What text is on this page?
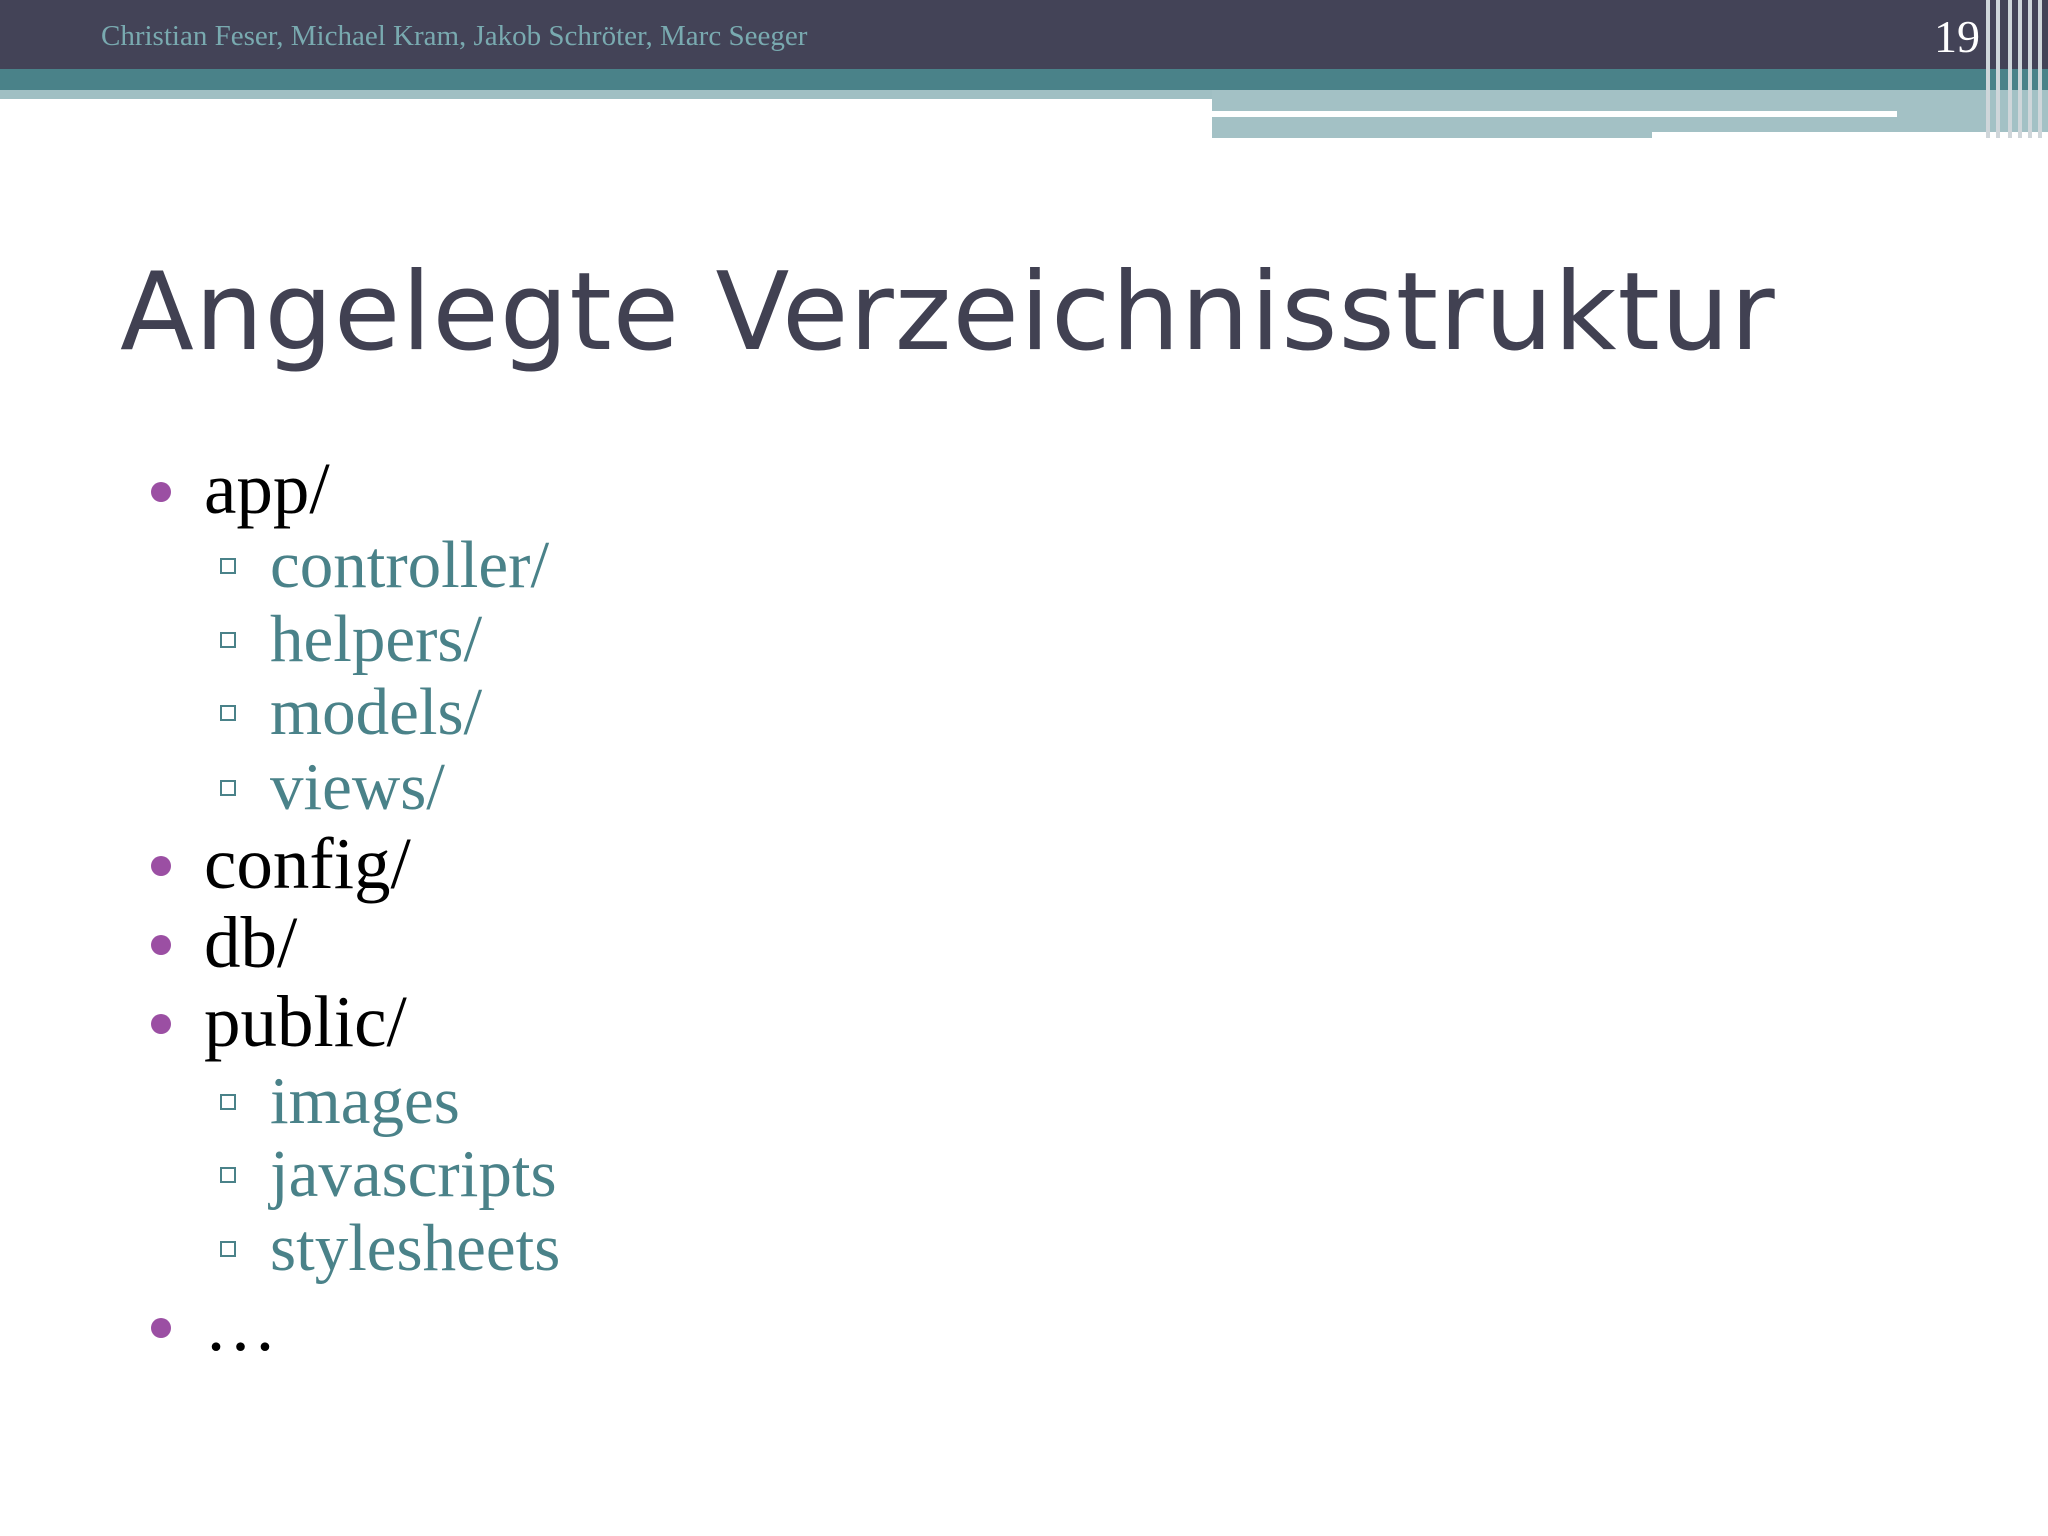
Christian Feser, Michael Kram, Jakob Schröter, Marc Seeger	19
Angelegte Verzeichnisstruktur
app/
controller/
helpers/
models/
views/
config/
db/
public/
images
javascripts
stylesheets
…
